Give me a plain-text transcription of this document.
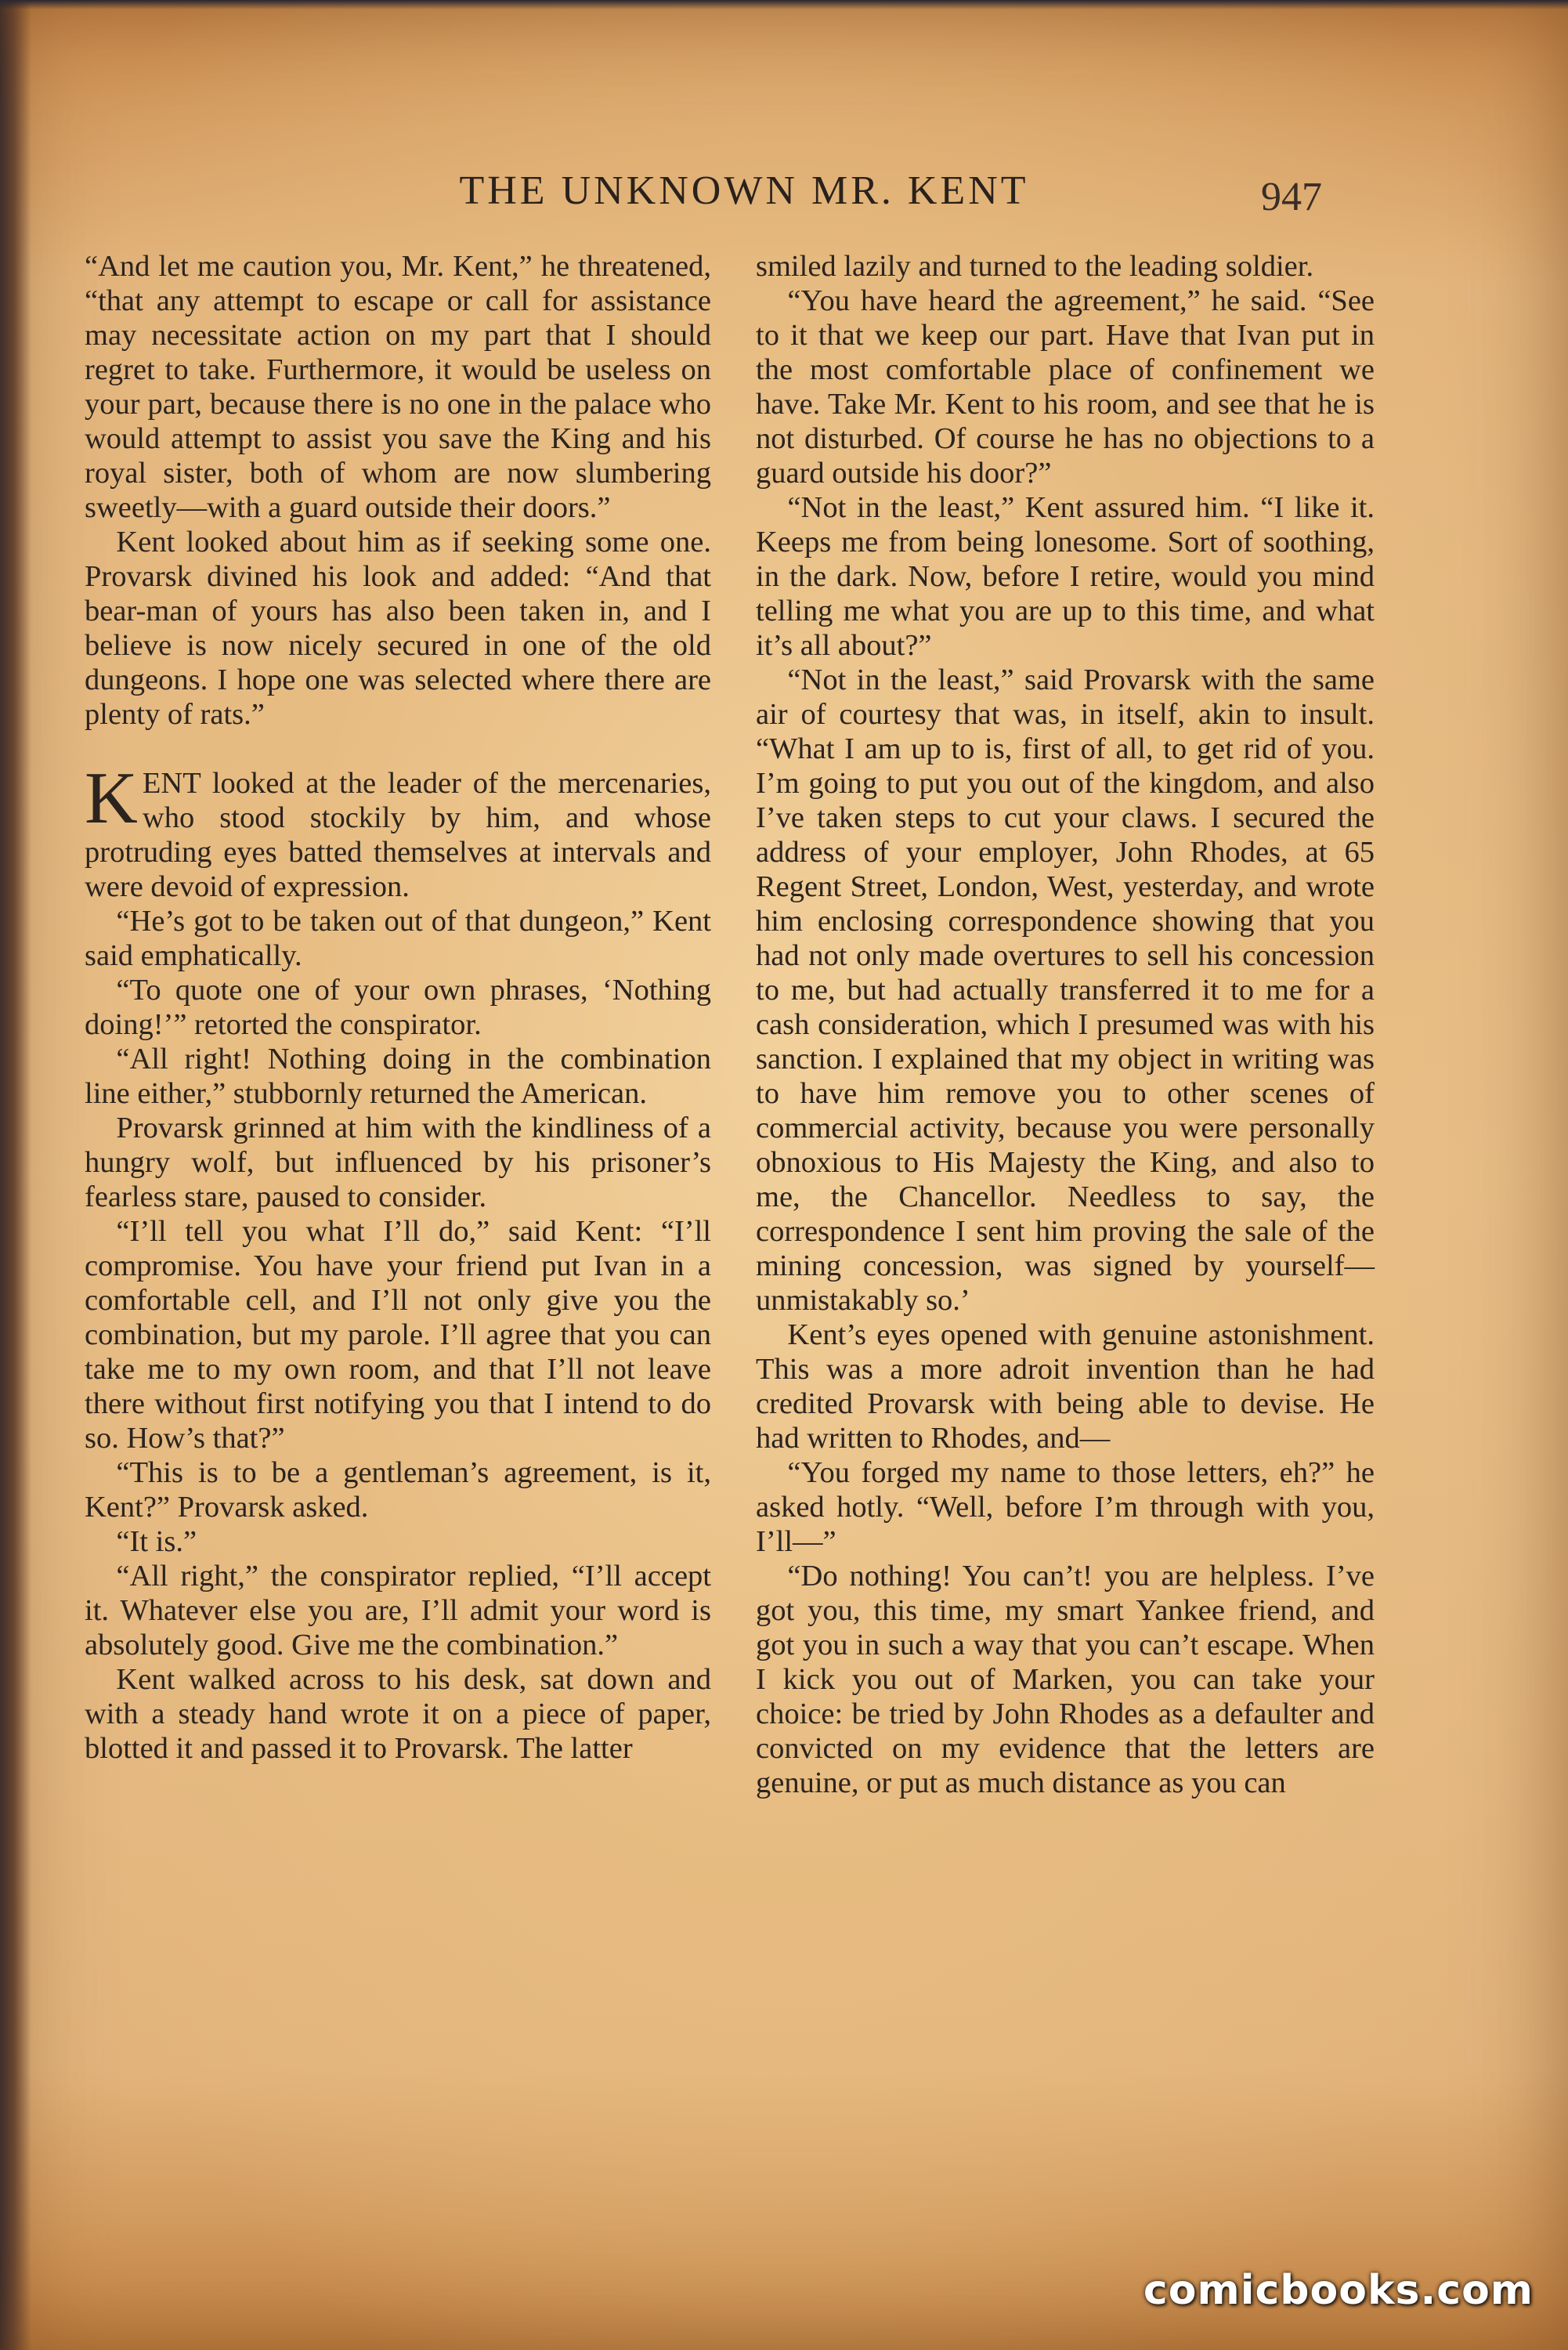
THE UNKNOWN MR. KENT	947

“And let me caution you, Mr. Kent,” he threatened, “that any attempt to escape or call for assistance may necessitate action on my part that I should regret to take. Furthermore, it would be useless on your part, because there is no one in the palace who would attempt to assist you save the King and his royal sister, both of whom are now slumbering sweetly—with a guard outside their doors.”

Kent looked about him as if seeking some one. Provarsk divined his look and added: “And that bear-man of yours has also been taken in, and I believe is now nicely secured in one of the old dungeons. I hope one was selected where there are plenty of rats.”

KENT looked at the leader of the mercenaries, who stood stockily by him, and whose protruding eyes batted themselves at intervals and were devoid of expression.

“He’s got to be taken out of that dungeon,” Kent said emphatically.

“To quote one of your own phrases, ‘Nothing doing!’” retorted the conspirator.

“All right! Nothing doing in the combination line either,” stubbornly returned the American.

Provarsk grinned at him with the kindliness of a hungry wolf, but influenced by his prisoner’s fearless stare, paused to consider.

“I’ll tell you what I’ll do,” said Kent: “I’ll compromise. You have your friend put Ivan in a comfortable cell, and I’ll not only give you the combination, but my parole. I’ll agree that you can take me to my own room, and that I’ll not leave there without first notifying you that I intend to do so. How’s that?”

“This is to be a gentleman’s agreement, is it, Kent?” Provarsk asked.

“It is.”

“All right,” the conspirator replied, “I’ll accept it. Whatever else you are, I’ll admit your word is absolutely good. Give me the combination.”

Kent walked across to his desk, sat down and with a steady hand wrote it on a piece of paper, blotted it and passed it to Provarsk. The latter

smiled lazily and turned to the leading soldier.

“You have heard the agreement,” he said. “See to it that we keep our part. Have that Ivan put in the most comfortable place of confinement we have. Take Mr. Kent to his room, and see that he is not disturbed. Of course he has no objections to a guard outside his door?”

“Not in the least,” Kent assured him. “I like it. Keeps me from being lonesome. Sort of soothing, in the dark. Now, before I retire, would you mind telling me what you are up to this time, and what it’s all about?”

“Not in the least,” said Provarsk with the same air of courtesy that was, in itself, akin to insult. “What I am up to is, first of all, to get rid of you. I’m going to put you out of the kingdom, and also I’ve taken steps to cut your claws. I secured the address of your employer, John Rhodes, at 65 Regent Street, London, West, yesterday, and wrote him enclosing correspondence showing that you had not only made overtures to sell his concession to me, but had actually transferred it to me for a cash consideration, which I presumed was with his sanction. I explained that my object in writing was to have him remove you to other scenes of commercial activity, because you were personally obnoxious to His Majesty the King, and also to me, the Chancellor. Needless to say, the correspondence I sent him proving the sale of the mining concession, was signed by yourself—unmistakably so.’

Kent’s eyes opened with genuine astonishment. This was a more adroit invention than he had credited Provarsk with being able to devise. He had written to Rhodes, and—

“You forged my name to those letters, eh?” he asked hotly. “Well, before I’m through with you, I’ll—”

“Do nothing! You can’t! you are helpless. I’ve got you, this time, my smart Yankee friend, and got you in such a way that you can’t escape. When I kick you out of Marken, you can take your choice: be tried by John Rhodes as a defaulter and convicted on my evidence that the letters are genuine, or put as much distance as you can

comicbooks.com
